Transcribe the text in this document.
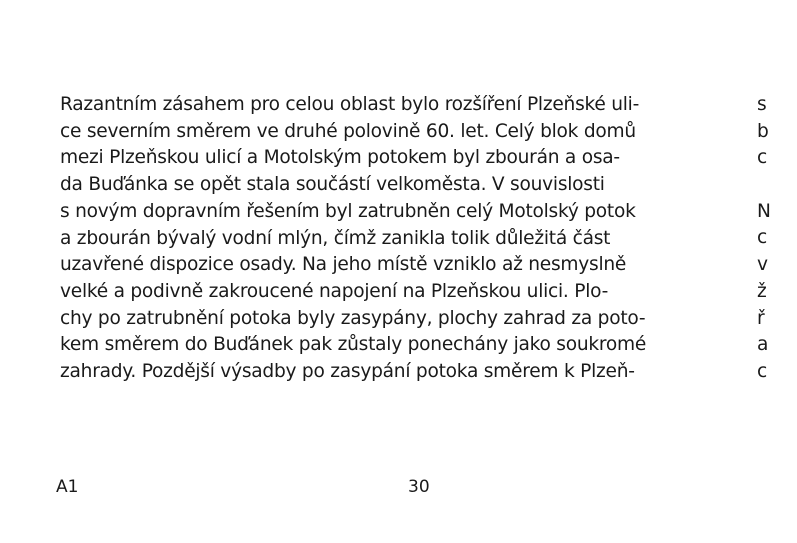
Razantním zásahem pro celou oblast bylo rozšíření Plzeňské uli-
ce severním směrem ve druhé polovině 60. let. Celý blok domů
mezi Plzeňskou ulicí a Motolským potokem byl zbourán a osa-
da Buďánka se opět stala součástí velkoměsta. V souvislosti
s novým dopravním řešením byl zatrubněn celý Motolský potok
a zbourán bývalý vodní mlýn, čímž zanikla tolik důležitá část
uzavřené dispozice osady. Na jeho místě vzniklo až nesmyslně
velké a podivně zakroucené napojení na Plzeňskou ulici. Plo-
chy po zatrubnění potoka byly zasypány, plochy zahrad za poto-
kem směrem do Buďánek pak zůstaly ponechány jako soukromé
zahrady. Pozdější výsadby po zasypání potoka směrem k Plzeň-
s
b
c
N
c
v
ž
ř
a
c
A1	30
